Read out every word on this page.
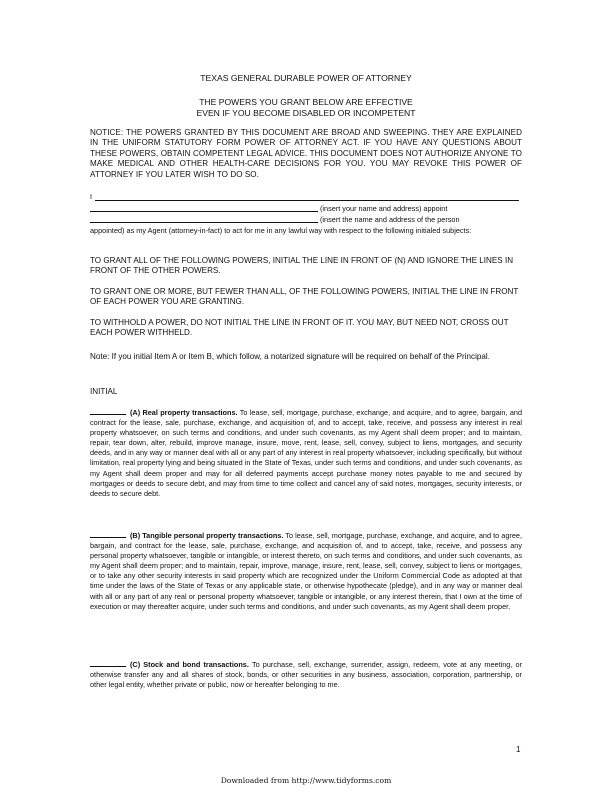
TEXAS GENERAL DURABLE POWER OF ATTORNEY
THE POWERS YOU GRANT BELOW ARE EFFECTIVE
EVEN IF YOU BECOME DISABLED OR INCOMPETENT
NOTICE: THE POWERS GRANTED BY THIS DOCUMENT ARE BROAD AND SWEEPING. THEY ARE EXPLAINED IN THE UNIFORM STATUTORY FORM POWER OF ATTORNEY ACT. IF YOU HAVE ANY QUESTIONS ABOUT THESE POWERS, OBTAIN COMPETENT LEGAL ADVICE. THIS DOCUMENT DOES NOT AUTHORIZE ANYONE TO MAKE MEDICAL AND OTHER HEALTH-CARE DECISIONS FOR YOU. YOU MAY REVOKE THIS POWER OF ATTORNEY IF YOU LATER WISH TO DO SO.
I
(insert your name and address) appoint
(insert the name and address of the person
appointed) as my Agent (attorney-in-fact) to act for me in any lawful way with respect to the following initialed subjects:
TO GRANT ALL OF THE FOLLOWING POWERS, INITIAL THE LINE IN FRONT OF (N) AND IGNORE THE LINES IN FRONT OF THE OTHER POWERS.
TO GRANT ONE OR MORE, BUT FEWER THAN ALL, OF THE FOLLOWING POWERS, INITIAL THE LINE IN FRONT OF EACH POWER YOU ARE GRANTING.
TO WITHHOLD A POWER, DO NOT INITIAL THE LINE IN FRONT OF IT. YOU MAY, BUT NEED NOT, CROSS OUT EACH POWER WITHHELD.
Note: If you initial Item A or Item B, which follow, a notarized signature will be required on behalf of the Principal.
INITIAL
(A) Real property transactions. To lease, sell, mortgage, purchase, exchange, and acquire, and to agree, bargain, and contract for the lease, sale, purchase, exchange, and acquisition of, and to accept, take, receive, and possess any interest in real property whatsoever, on such terms and conditions, and under such covenants, as my Agent shall deem proper; and to maintain, repair, tear down, alter, rebuild, improve manage, insure, move, rent, lease, sell, convey, subject to liens, mortgages, and security deeds, and in any way or manner deal with all or any part of any interest in real property whatsoever, including specifically, but without limitation, real property lying and being situated in the State of Texas, under such terms and conditions, and under such covenants, as my Agent shall deem proper and may for all deferred payments accept purchase money notes payable to me and secured by mortgages or deeds to secure debt, and may from time to time collect and cancel any of said notes, mortgages, security interests, or deeds to secure debt.
(B) Tangible personal property transactions. To lease, sell, mortgage, purchase, exchange, and acquire, and to agree, bargain, and contract for the lease, sale, purchase, exchange, and acquisition of, and to accept, take, receive, and possess any personal property whatsoever, tangible or intangible, or interest thereto, on such terms and conditions, and under such covenants, as my Agent shall deem proper; and to maintain, repair, improve, manage, insure, rent, lease, sell, convey, subject to liens or mortgages, or to take any other security interests in said property which are recognized under the Uniform Commercial Code as adopted at that time under the laws of the State of Texas or any applicable state, or otherwise hypothecate (pledge), and in any way or manner deal with all or any part of any real or personal property whatsoever, tangible or intangible, or any interest therein, that I own at the time of execution or may thereafter acquire, under such terms and conditions, and under such covenants, as my Agent shall deem proper.
(C) Stock and bond transactions. To purchase, sell, exchange, surrender, assign, redeem, vote at any meeting, or otherwise transfer any and all shares of stock, bonds, or other securities in any business, association, corporation, partnership, or other legal entity, whether private or public, now or hereafter belonging to me.
1
Downloaded from http://www.tidyforms.com
